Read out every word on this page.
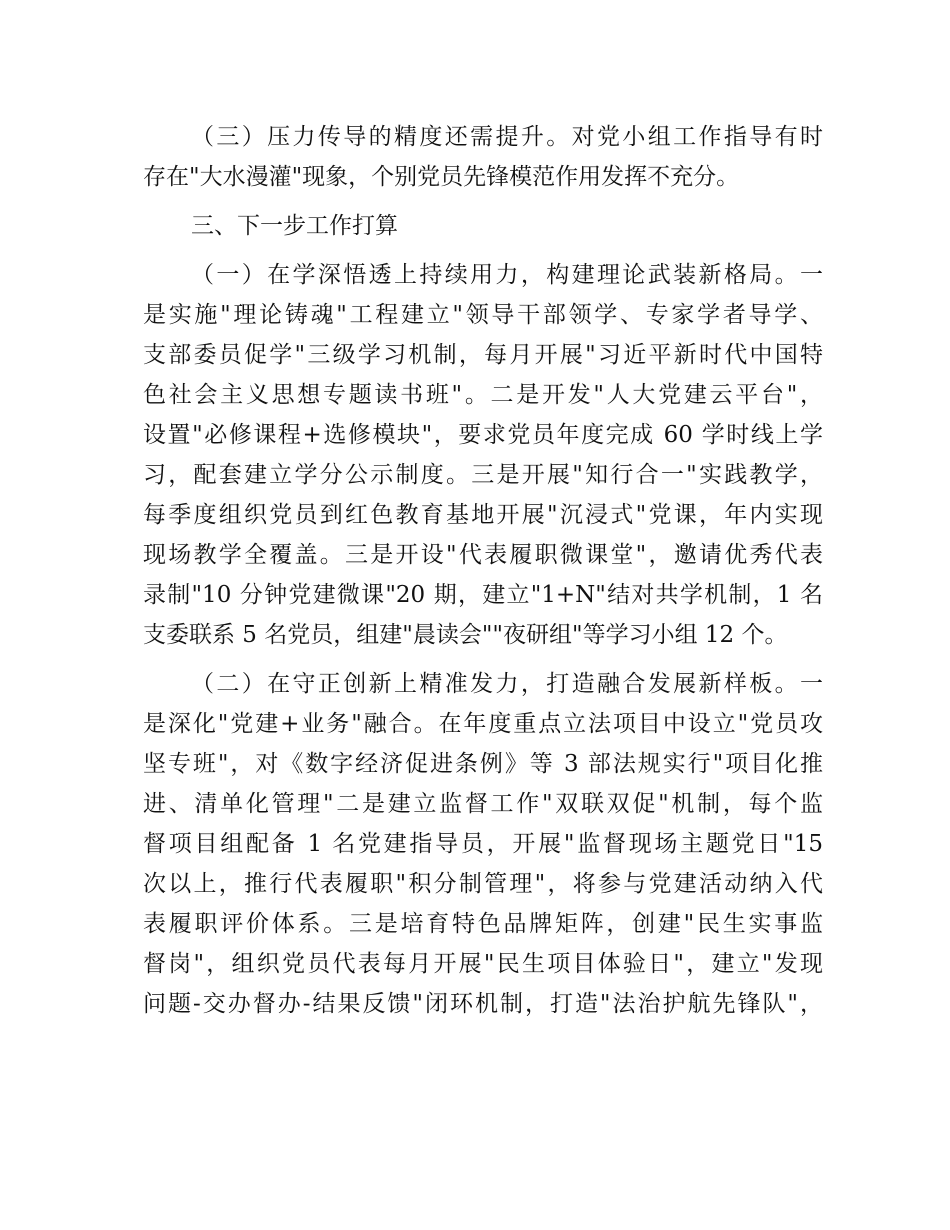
（三）压力传导的精度还需提升。对党小组工作指导有时
存在"大水漫灌"现象，个别党员先锋模范作用发挥不充分。
三、下一步工作打算
（一）在学深悟透上持续用力，构建理论武装新格局。一
是实施"理论铸魂"工程建立"领导干部领学、专家学者导学、
支部委员促学"三级学习机制，每月开展"习近平新时代中国特
色社会主义思想专题读书班"。二是开发"人大党建云平台"，
设置"必修课程+选修模块"，要求党员年度完成 60 学时线上学
习，配套建立学分公示制度。三是开展"知行合一"实践教学，
每季度组织党员到红色教育基地开展"沉浸式"党课，年内实现
现场教学全覆盖。三是开设"代表履职微课堂"，邀请优秀代表
录制"10 分钟党建微课"20 期，建立"1+N"结对共学机制，1 名
支委联系 5 名党员，组建"晨读会""夜研组"等学习小组 12 个。
（二）在守正创新上精准发力，打造融合发展新样板。一
是深化"党建+业务"融合。在年度重点立法项目中设立"党员攻
坚专班"，对《数字经济促进条例》等 3 部法规实行"项目化推
进、清单化管理"二是建立监督工作"双联双促"机制，每个监
督项目组配备 1 名党建指导员，开展"监督现场主题党日"15
次以上，推行代表履职"积分制管理"，将参与党建活动纳入代
表履职评价体系。三是培育特色品牌矩阵，创建"民生实事监
督岗"，组织党员代表每月开展"民生项目体验日"，建立"发现
问题-交办督办-结果反馈"闭环机制，打造"法治护航先锋队"，
